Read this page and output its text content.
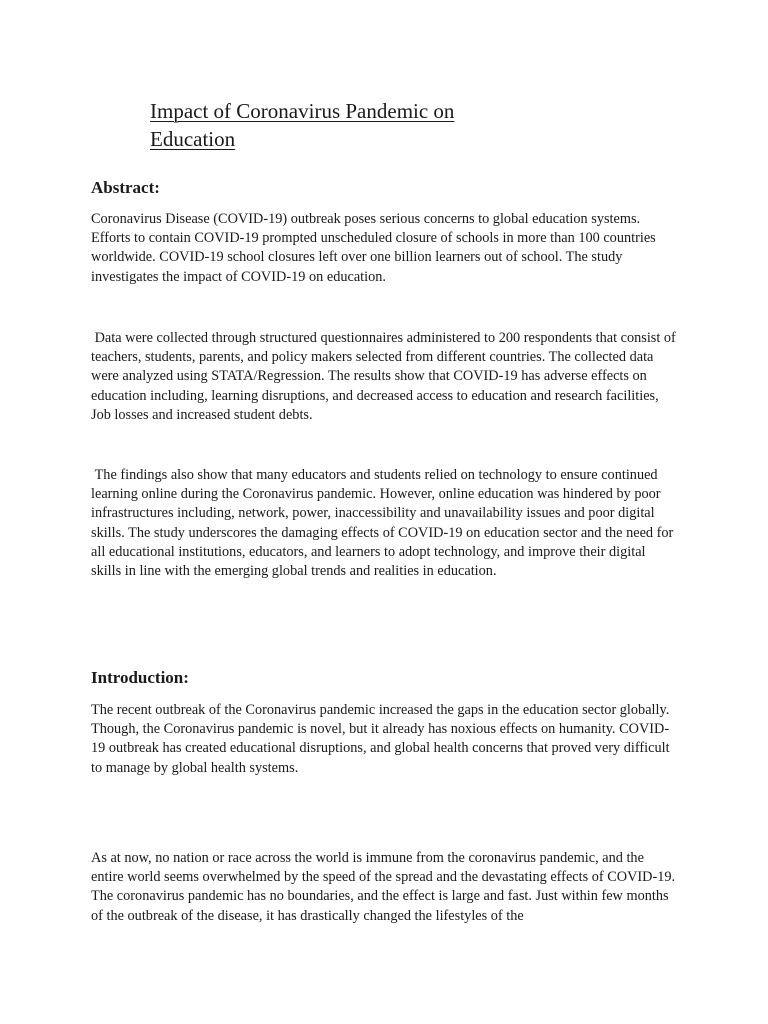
Impact of Coronavirus Pandemic on Education
Abstract:

Coronavirus Disease (COVID-19) outbreak poses serious concerns to global education systems. Efforts to contain COVID-19 prompted unscheduled closure of schools in more than 100 countries worldwide. COVID-19 school closures left over one billion learners out of school. The study investigates the impact of COVID-19 on education.

Data were collected through structured questionnaires administered to 200 respondents that consist of teachers, students, parents, and policy makers selected from different countries. The collected data were analyzed using STATA/Regression. The results show that COVID-19 has adverse effects on education including, learning disruptions, and decreased access to education and research facilities, Job losses and increased student debts.

The findings also show that many educators and students relied on technology to ensure continued learning online during the Coronavirus pandemic. However, online education was hindered by poor infrastructures including, network, power, inaccessibility and unavailability issues and poor digital skills. The study underscores the damaging effects of COVID-19 on education sector and the need for all educational institutions, educators, and learners to adopt technology, and improve their digital skills in line with the emerging global trends and realities in education.

Introduction:

The recent outbreak of the Coronavirus pandemic increased the gaps in the education sector globally. Though, the Coronavirus pandemic is novel, but it already has noxious effects on humanity. COVID-19 outbreak has created educational disruptions, and global health concerns that proved very difficult to manage by global health systems.

As at now, no nation or race across the world is immune from the coronavirus pandemic, and the entire world seems overwhelmed by the speed of the spread and the devastating effects of COVID-19. The coronavirus pandemic has no boundaries, and the effect is large and fast. Just within few months of the outbreak of the disease, it has drastically changed the lifestyles of the
